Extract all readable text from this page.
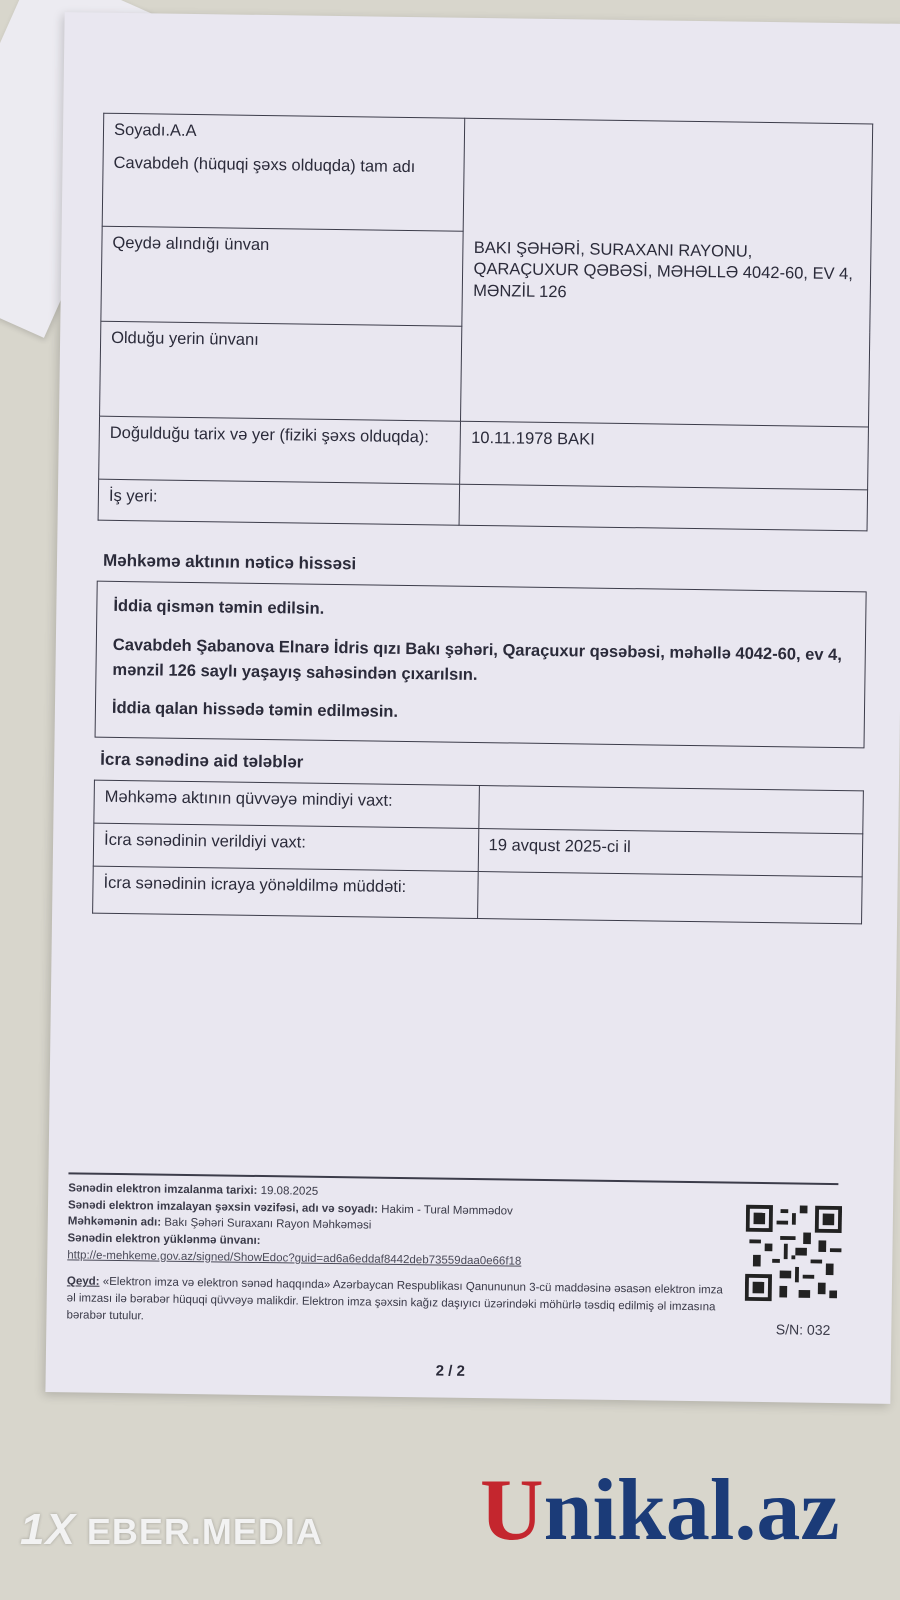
Soyadı.A.A
Cavabdeh (hüquqi şəxs olduqda) tam adı	BAKI ŞƏHƏRİ, SURAXANI RAYONU, QARAÇUXUR QƏBƏSİ, MƏHƏLLƏ 4042-60, EV 4, MƏNZİL 126

Qeydə alındığı ünvan	

Olduğu yerin ünvanı	

Doğulduğu tarix və yer (fiziki şəxs olduqda):	10.11.1978 BAKI

İş yeri:	

Məhkəmə aktının nəticə hissəsi

İddia qismən təmin edilsin.

Cavabdeh Şabanova Elnarə İdris qızı Bakı şəhəri, Qaraçuxur qəsəbəsi, məhəllə 4042-60, ev 4, mənzil 126 saylı yaşayış sahəsindən çıxarılsın.

İddia qalan hissədə təmin edilməsin.

İcra sənədinə aid tələblər
Məhkəmə aktının qüvvəyə mindiyi vaxt:	
İcra sənədinin verildiyi vaxt:	19 avqust 2025-ci il
İcra sənədinin icraya yönəldilmə müddəti:	
Sənədin elektron imzalanma tarixi: 19.08.2025
Sənədi elektron imzalayan şəxsin vəzifəsi, adı və soyadı: Hakim - Tural Məmmədov
Məhkəmənin adı: Bakı Şəhəri Suraxanı Rayon Məhkəməsi
Sənədin elektron yüklənmə ünvanı:
http://e-mehkeme.gov.az/signed/ShowEdoc?guid=ad6a6eddaf8442deb73559daa0e66f18
Qeyd: «Elektron imza və elektron sənəd haqqında» Azərbaycan Respublikası Qanununun 3-cü maddəsinə əsasən elektron imza əl imzası ilə bərabər hüquqi qüvvəyə malikdir. Elektron imza şəxsin kağız daşıyıcı üzərindəki möhürlə təsdiq edilmiş əl imzasına bərabər tutulur.
S/N: 032
2 / 2
1X EBER.MEDIA Unikal.az
